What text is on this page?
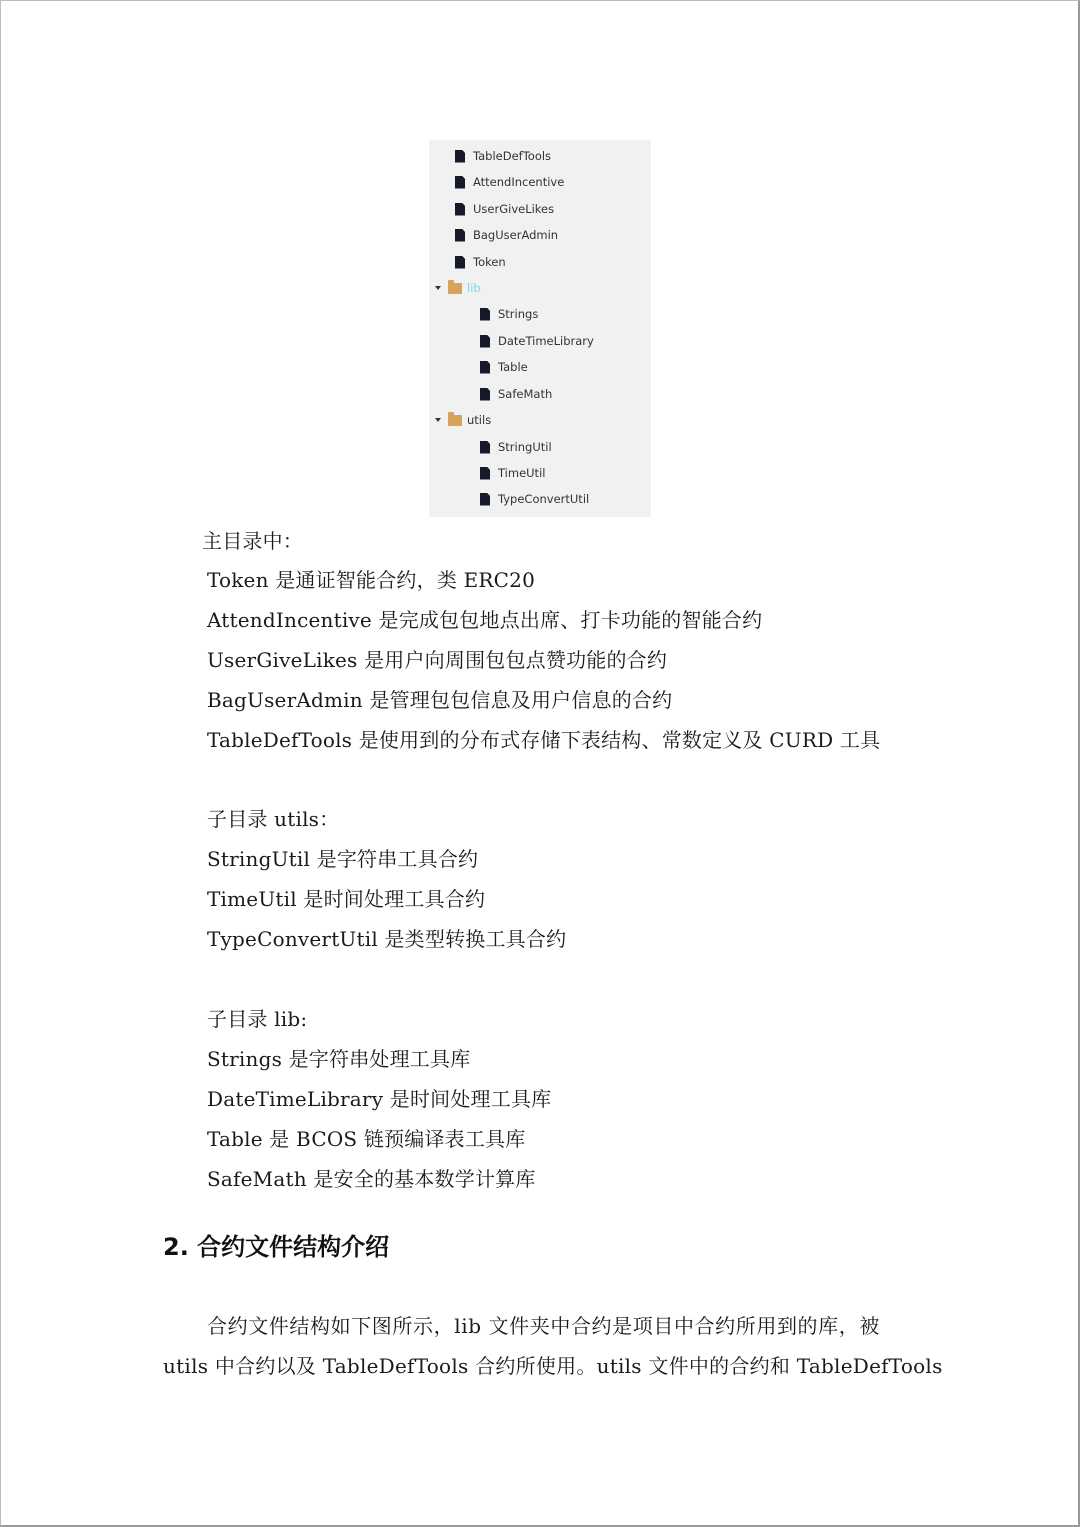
TableDefTools
AttendIncentive
UserGiveLikes
BagUserAdmin
Token
lib
Strings
DateTimeLibrary
Table
SafeMath
utils
StringUtil
TimeUtil
TypeConvertUtil
主目录中：
Token 是通证智能合约，类 ERC20
AttendIncentive 是完成包包地点出席、打卡功能的智能合约
UserGiveLikes 是用户向周围包包点赞功能的合约
BagUserAdmin 是管理包包信息及用户信息的合约
TableDefTools 是使用到的分布式存储下表结构、常数定义及 CURD 工具
子目录 utils：
StringUtil 是字符串工具合约
TimeUtil 是时间处理工具合约
TypeConvertUtil 是类型转换工具合约
子目录 lib:
Strings 是字符串处理工具库
DateTimeLibrary 是时间处理工具库
Table 是 BCOS 链预编译表工具库
SafeMath 是安全的基本数学计算库
2. 合约文件结构介绍
合约文件结构如下图所示，lib 文件夹中合约是项目中合约所用到的库，被
utils 中合约以及 TableDefTools 合约所使用。utils 文件中的合约和 TableDefTools
